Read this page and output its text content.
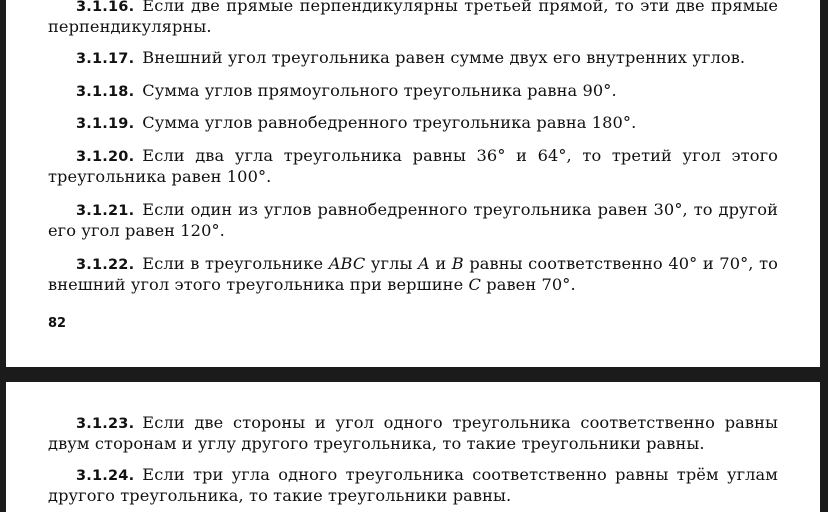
3.1.16. Если две прямые перпендикулярны третьей прямой, то эти две прямые перпендикулярны.
3.1.17. Внешний угол треугольника равен сумме двух его внутренних углов.
3.1.18. Сумма углов прямоугольного треугольника равна 90°.
3.1.19. Сумма углов равнобедренного треугольника равна 180°.
3.1.20. Если два угла треугольника равны 36° и 64°, то третий угол этого треугольника равен 100°.
3.1.21. Если один из углов равнобедренного треугольника равен 30°, то другой его угол равен 120°.
3.1.22. Если в треугольнике ABC углы A и B равны соответственно 40° и 70°, то внешний угол этого треугольника при вершине C равен 70°.
82
3.1.23. Если две стороны и угол одного треугольника соответственно равны двум сторонам и углу другого треугольника, то такие треугольники равны.
3.1.24. Если три угла одного треугольника соответственно равны трём углам другого треугольника, то такие треугольники равны.
